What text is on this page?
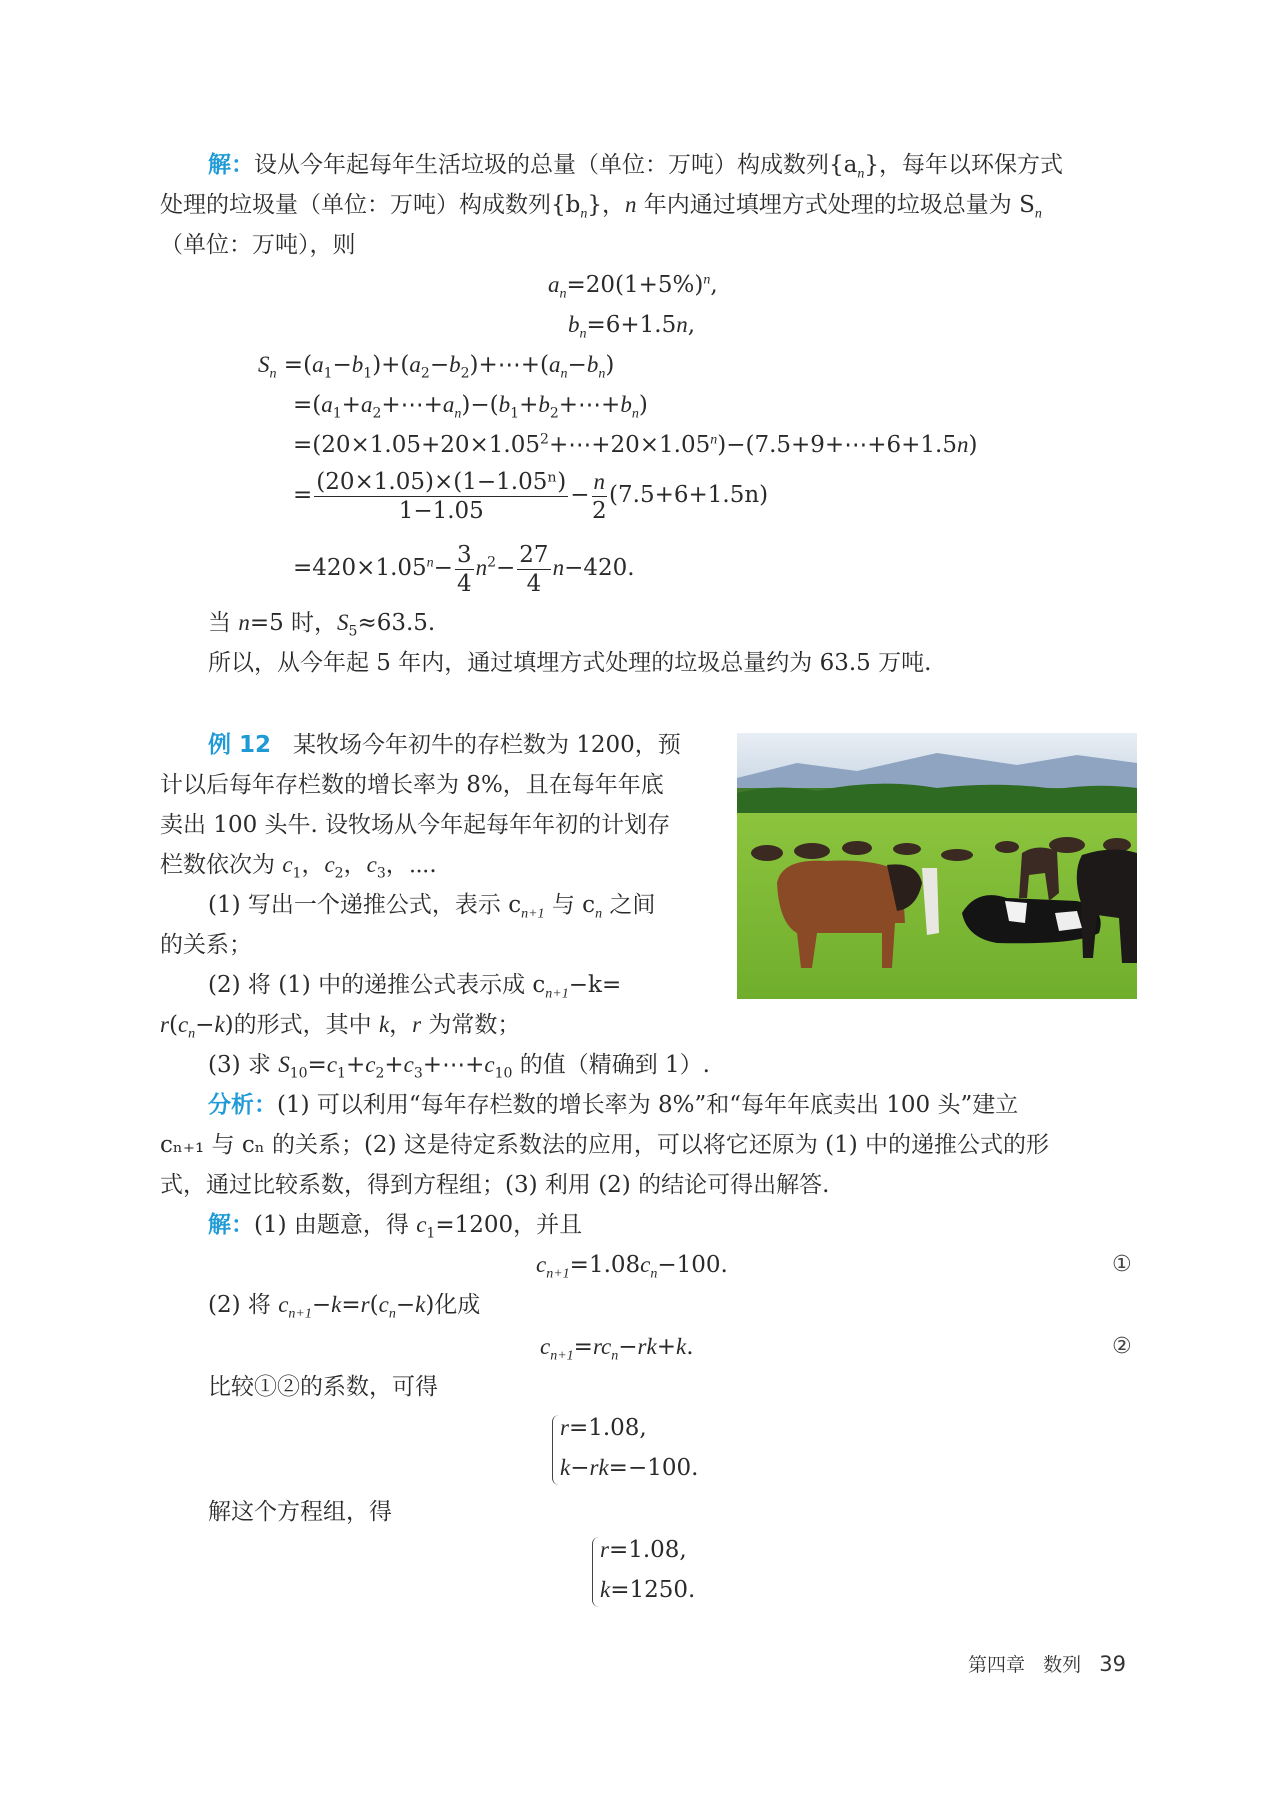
解：设从今年起每年生活垃圾的总量（单位：万吨）构成数列$\{a_n\}$，每年以环保方式
处理的垃圾量（单位：万吨）构成数列$\{b_n\}$，n 年内通过填埋方式处理的垃圾总量为 $S_n$
（单位：万吨），则
$a_n=20(1+5\%)^n$,
$b_n=6+1.5n$,
$S_n$ $=(a_1-b_1)+(a_2-b_2)+\cdots+(a_n-b_n)$
$=(a_1+a_2+\cdots+a_n)-(b_1+b_2+\cdots+b_n)$
$=(20\times 1.05+20\times 1.05^2+\cdots+20\times 1.05^n)-(7.5+9+\cdots+6+1.5n)$
= $\frac{\text{(20×1.05)×(1−1.05ⁿ)}}{1-1.05} - \frac{n}{2} (7.5+6+1.5n)$
$=420\times 1.05^n- \frac{3}{4} n^2- \frac{27}{4} n-420$.
当 n=5 时，$S_5\approx 63.5$.
所以，从今年起 5 年内，通过填埋方式处理的垃圾总量约为 63.5 万吨.
例 12 某牧场今年初牛的存栏数为 1200，预
计以后每年存栏数的增长率为 8%，且在每年年底
卖出 100 头牛. 设牧场从今年起每年年初的计划存
栏数依次为 $c_1$，$c_2$，$c_3$，⋯.
(1) 写出一个递推公式，表示 $c_{n+1}$ 与 $c_n$ 之间
的关系；
(2) 将 (1) 中的递推公式表示成 $c_{n+1}-k=$
$r(c_n-k)$的形式，其中 k，r 为常数；
(3) 求 $S_{10}=c_1+c_2+c_3+\cdots+c_{10}$ 的值（精确到 1）.
分析：(1) 可以利用“每年存栏数的增长率为 8%”和“每年年底卖出 100 头”建立
cₙ₊₁ 与 cₙ 的关系；(2) 这是待定系数法的应用，可以将它还原为 (1) 中的递推公式的形
式，通过比较系数，得到方程组；(3) 利用 (2) 的结论可得出解答.
解：(1) 由题意，得 $c_1=1200$，并且
$c_{n+1}=1.08c_n-100$.	①
(2) 将 $c_{n+1}-k=r(c_n-k)$化成
$c_{n+1}=rc_n-rk+k$.	②
比较①②的系数，可得
r=1.08,
k−rk=−100.
解这个方程组，得
r=1.08,
k=1250.
第四章 数列 39
